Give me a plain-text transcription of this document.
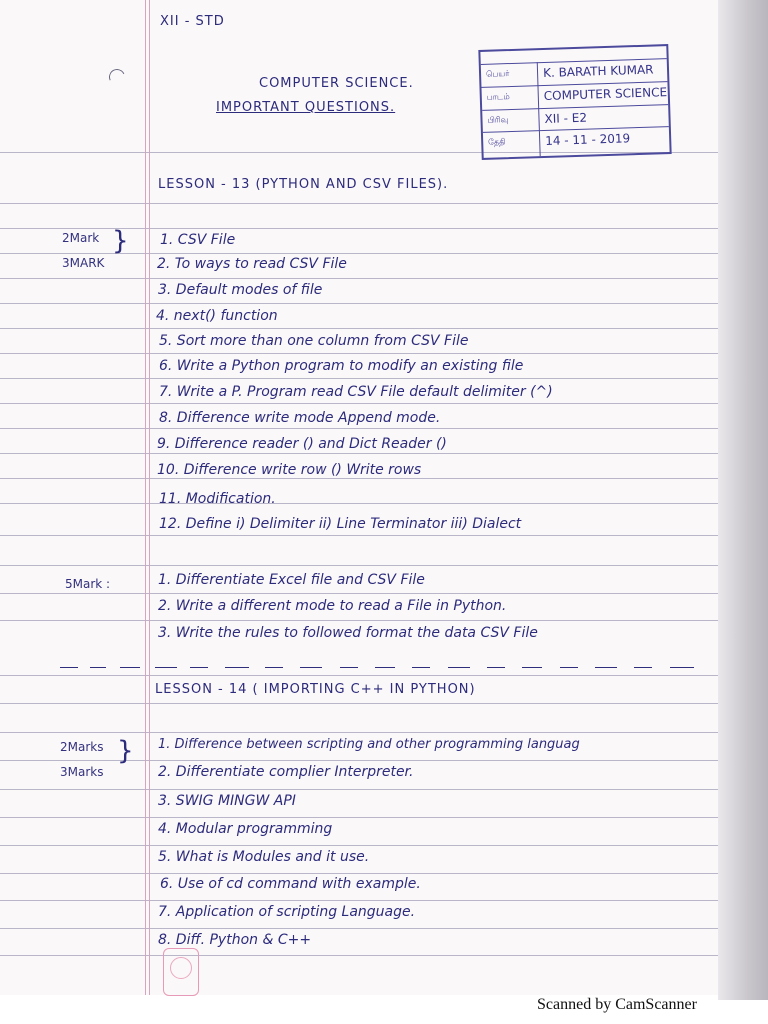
XII - STD
COMPUTER SCIENCE.
IMPORTANT QUESTIONS.
பெயர்
பாடம்
பிரிவு
தேதி
K. BARATH KUMAR
COMPUTER SCIENCE
XII - E2
14 - 11 - 2019
LESSON - 13 (PYTHON AND CSV FILES).
2Mark
3MARK
} 1. CSV File
2. To ways to read CSV File
3. Default modes of file
4. next() function
5. Sort more than one column from CSV File
6. Write a Python program to modify an existing file
7. Write a P. Program read CSV File default delimiter (^)
8. Difference write mode Append mode.
9. Difference reader () and Dict Reader ()
10. Difference write row () Write rows
11. Modification.
12. Define i) Delimiter ii) Line Terminator iii) Dialect
5Mark :	1. Differentiate Excel file and CSV File
2. Write a different mode to read a File in Python.
3. Write the rules to followed format the data CSV File
LESSON - 14 ( IMPORTING C++ IN PYTHON)
2Marks
3Marks
} 1. Difference between scripting and other programming languag
2. Differentiate complier Interpreter.
3. SWIG MINGW API
4. Modular programming
5. What is Modules and it use.
6. Use of cd command with example.
7. Application of scripting Language.
8. Diff. Python & C++
Scanned by CamScanner
